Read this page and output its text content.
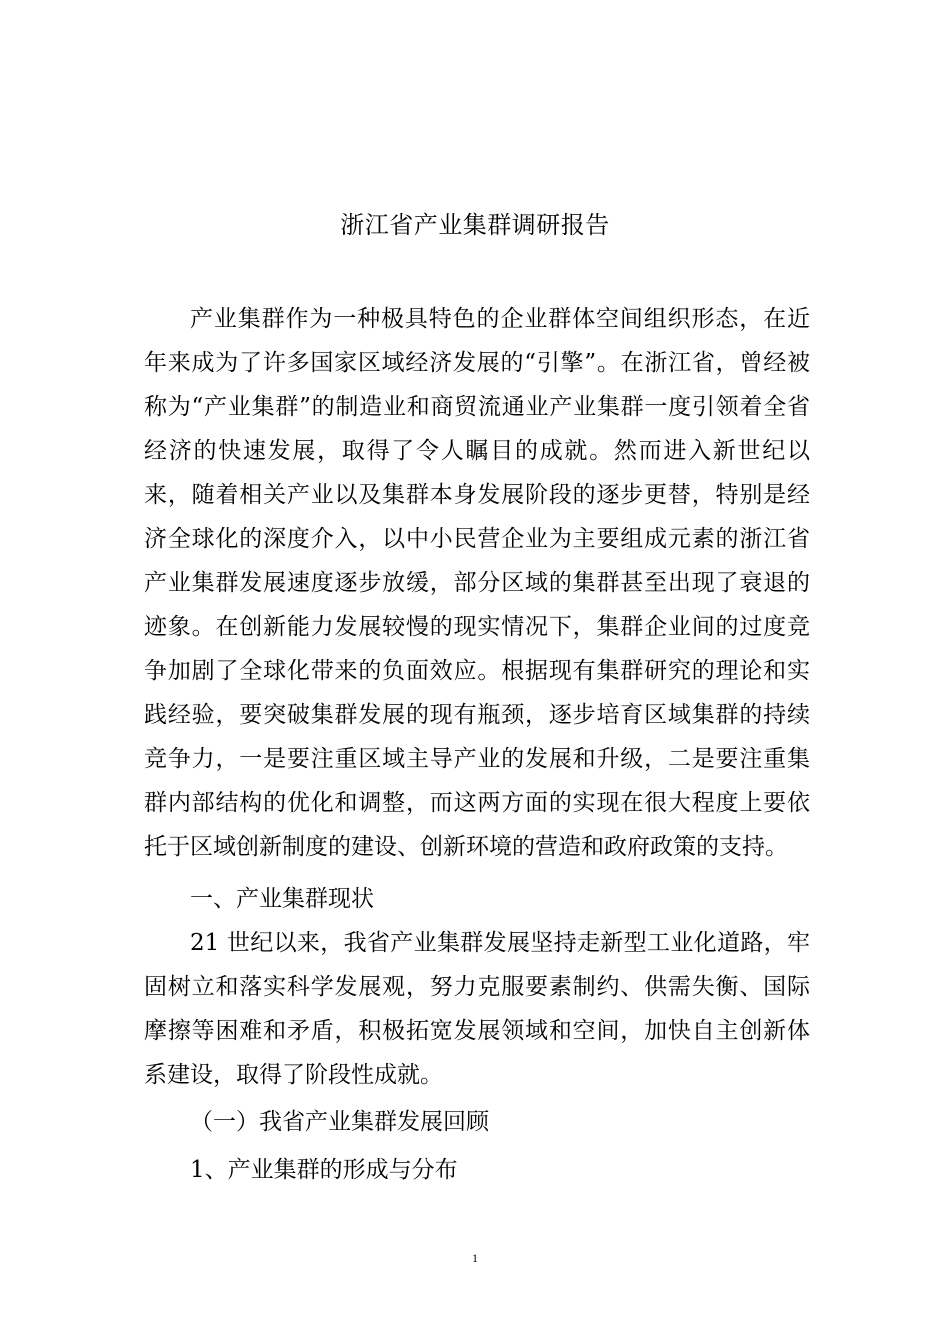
浙江省产业集群调研报告

产业集群作为一种极具特色的企业群体空间组织形态，在近年来成为了许多国家区域经济发展的“引擎”。在浙江省，曾经被称为“产业集群”的制造业和商贸流通业产业集群一度引领着全省经济的快速发展，取得了令人瞩目的成就。然而进入新世纪以来，随着相关产业以及集群本身发展阶段的逐步更替，特别是经济全球化的深度介入，以中小民营企业为主要组成元素的浙江省产业集群发展速度逐步放缓，部分区域的集群甚至出现了衰退的迹象。在创新能力发展较慢的现实情况下，集群企业间的过度竞争加剧了全球化带来的负面效应。根据现有集群研究的理论和实践经验，要突破集群发展的现有瓶颈，逐步培育区域集群的持续竞争力，一是要注重区域主导产业的发展和升级，二是要注重集群内部结构的优化和调整，而这两方面的实现在很大程度上要依托于区域创新制度的建设、创新环境的营造和政府政策的支持。

一、产业集群现状

21 世纪以来，我省产业集群发展坚持走新型工业化道路，牢固树立和落实科学发展观，努力克服要素制约、供需失衡、国际摩擦等困难和矛盾，积极拓宽发展领域和空间，加快自主创新体系建设，取得了阶段性成就。

（一）我省产业集群发展回顾

1、产业集群的形成与分布

1
